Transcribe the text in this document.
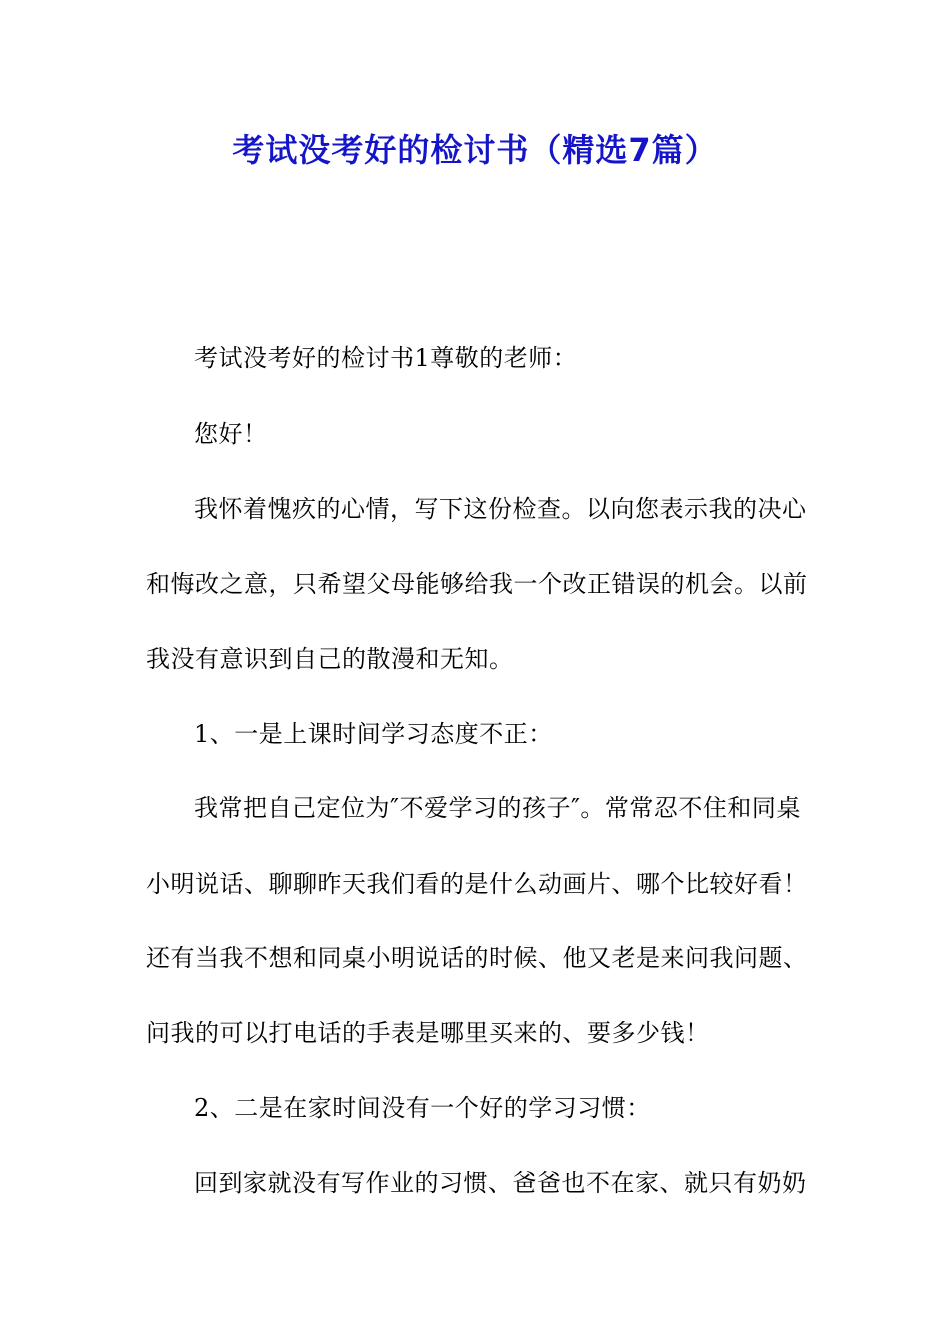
考试没考好的检讨书（精选7篇）
考试没考好的检讨书1尊敬的老师：
您好！
我怀着愧疚的心情，写下这份检查。以向您表示我的决心
和悔改之意，只希望父母能够给我一个改正错误的机会。以前
我没有意识到自己的散漫和无知。
1、一是上课时间学习态度不正：
我常把自己定位为″不爱学习的孩子″。常常忍不住和同桌
小明说话、聊聊昨天我们看的是什么动画片、哪个比较好看！
还有当我不想和同桌小明说话的时候、他又老是来问我问题、
问我的可以打电话的手表是哪里买来的、要多少钱！
2、二是在家时间没有一个好的学习习惯：
回到家就没有写作业的习惯、爸爸也不在家、就只有奶奶
